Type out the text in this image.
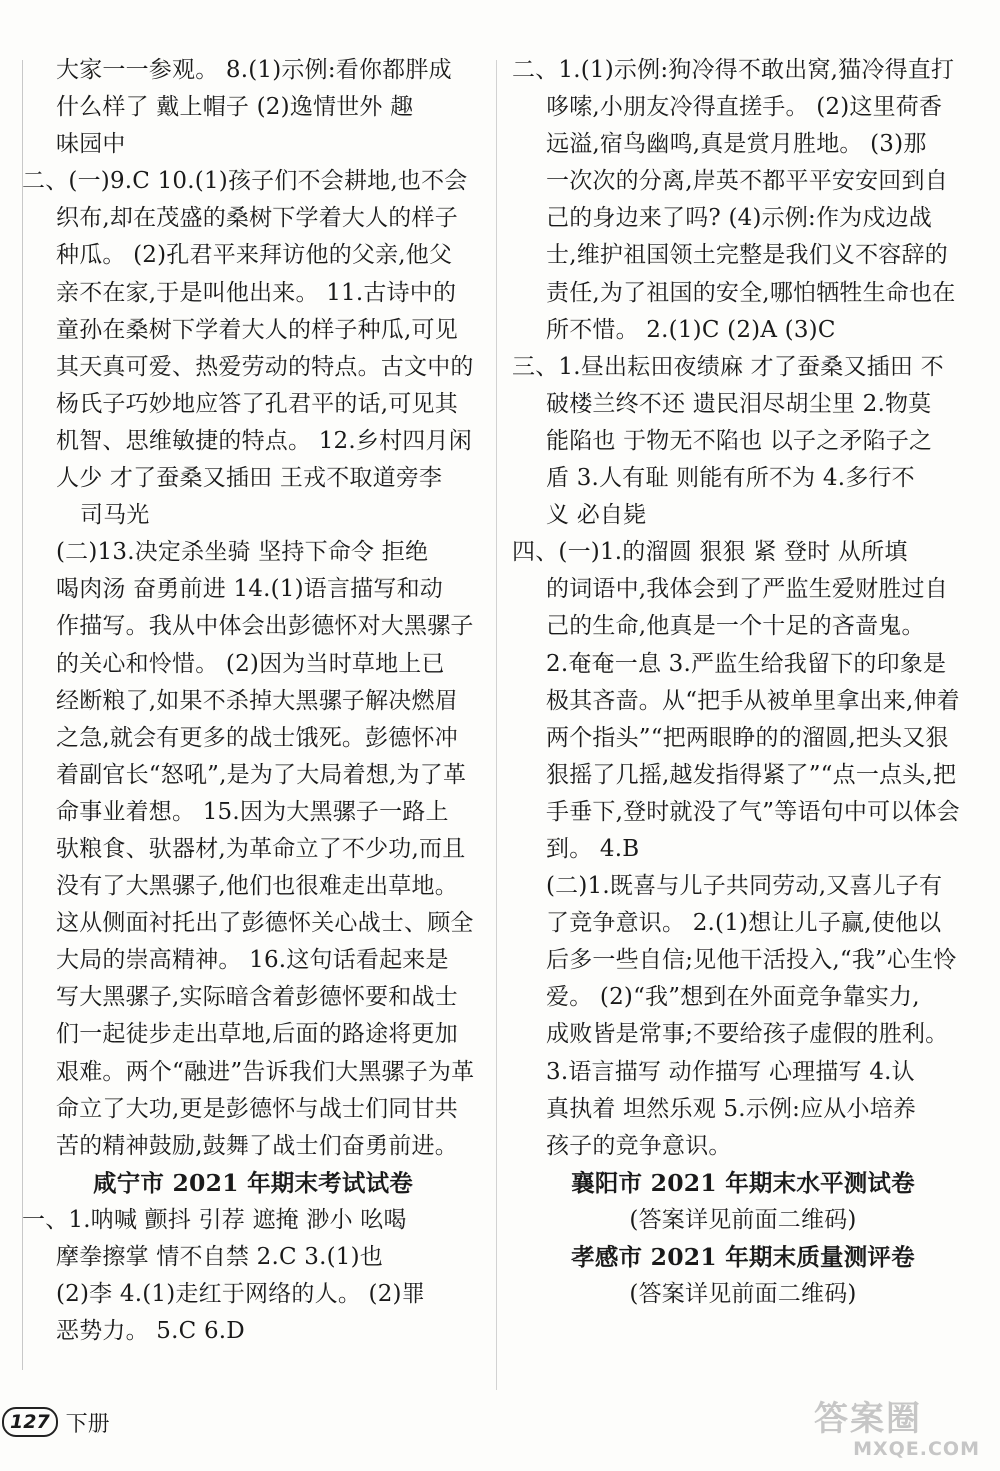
大家一一参观。 8.(1)示例:看你都胖成
什么样了 戴上帽子 (2)逸情世外 趣
味园中
二、(一)9.C 10.(1)孩子们不会耕地,也不会
织布,却在茂盛的桑树下学着大人的样子
种瓜。 (2)孔君平来拜访他的父亲,他父
亲不在家,于是叫他出来。 11.古诗中的
童孙在桑树下学着大人的样子种瓜,可见
其天真可爱、热爱劳动的特点。古文中的
杨氏子巧妙地应答了孔君平的话,可见其
机智、思维敏捷的特点。 12.乡村四月闲
人少 才了蚕桑又插田 王戎不取道旁李
司马光
(二)13.决定杀坐骑 坚持下命令 拒绝
喝肉汤 奋勇前进 14.(1)语言描写和动
作描写。我从中体会出彭德怀对大黑骡子
的关心和怜惜。 (2)因为当时草地上已
经断粮了,如果不杀掉大黑骡子解决燃眉
之急,就会有更多的战士饿死。彭德怀冲
着副官长“怒吼”,是为了大局着想,为了革
命事业着想。 15.因为大黑骡子一路上
驮粮食、驮器材,为革命立了不少功,而且
没有了大黑骡子,他们也很难走出草地。
这从侧面衬托出了彭德怀关心战士、顾全
大局的崇高精神。 16.这句话看起来是
写大黑骡子,实际暗含着彭德怀要和战士
们一起徒步走出草地,后面的路途将更加
艰难。两个“融进”告诉我们大黑骡子为革
命立了大功,更是彭德怀与战士们同甘共
苦的精神鼓励,鼓舞了战士们奋勇前进。
咸宁市 2021 年期末考试试卷
一、1.呐喊 颤抖 引荐 遮掩 渺小 吆喝
摩拳擦掌 情不自禁 2.C 3.(1)也
(2)李 4.(1)走红于网络的人。 (2)罪
恶势力。 5.C 6.D
二、1.(1)示例:狗冷得不敢出窝,猫冷得直打
哆嗦,小朋友冷得直搓手。 (2)这里荷香
远溢,宿鸟幽鸣,真是赏月胜地。 (3)那
一次次的分离,岸英不都平平安安回到自
己的身边来了吗? (4)示例:作为戍边战
士,维护祖国领土完整是我们义不容辞的
责任,为了祖国的安全,哪怕牺牲生命也在
所不惜。 2.(1)C (2)A (3)C
三、1.昼出耘田夜绩麻 才了蚕桑又插田 不
破楼兰终不还 遗民泪尽胡尘里 2.物莫
能陷也 于物无不陷也 以子之矛陷子之
盾 3.人有耻 则能有所不为 4.多行不
义 必自毙
四、(一)1.的溜圆 狠狠 紧 登时 从所填
的词语中,我体会到了严监生爱财胜过自
己的生命,他真是一个十足的吝啬鬼。
2.奄奄一息 3.严监生给我留下的印象是
极其吝啬。从“把手从被单里拿出来,伸着
两个指头”“把两眼睁的的溜圆,把头又狠
狠摇了几摇,越发指得紧了”“点一点头,把
手垂下,登时就没了气”等语句中可以体会
到。 4.B
(二)1.既喜与儿子共同劳动,又喜儿子有
了竞争意识。 2.(1)想让儿子赢,使他以
后多一些自信;见他干活投入,“我”心生怜
爱。 (2)“我”想到在外面竞争靠实力,
成败皆是常事;不要给孩子虚假的胜利。
3.语言描写 动作描写 心理描写 4.认
真执着 坦然乐观 5.示例:应从小培养
孩子的竞争意识。
襄阳市 2021 年期末水平测试卷
(答案详见前面二维码)
孝感市 2021 年期末质量测评卷
(答案详见前面二维码)
127 下册	答案圈
MXQE.COM
